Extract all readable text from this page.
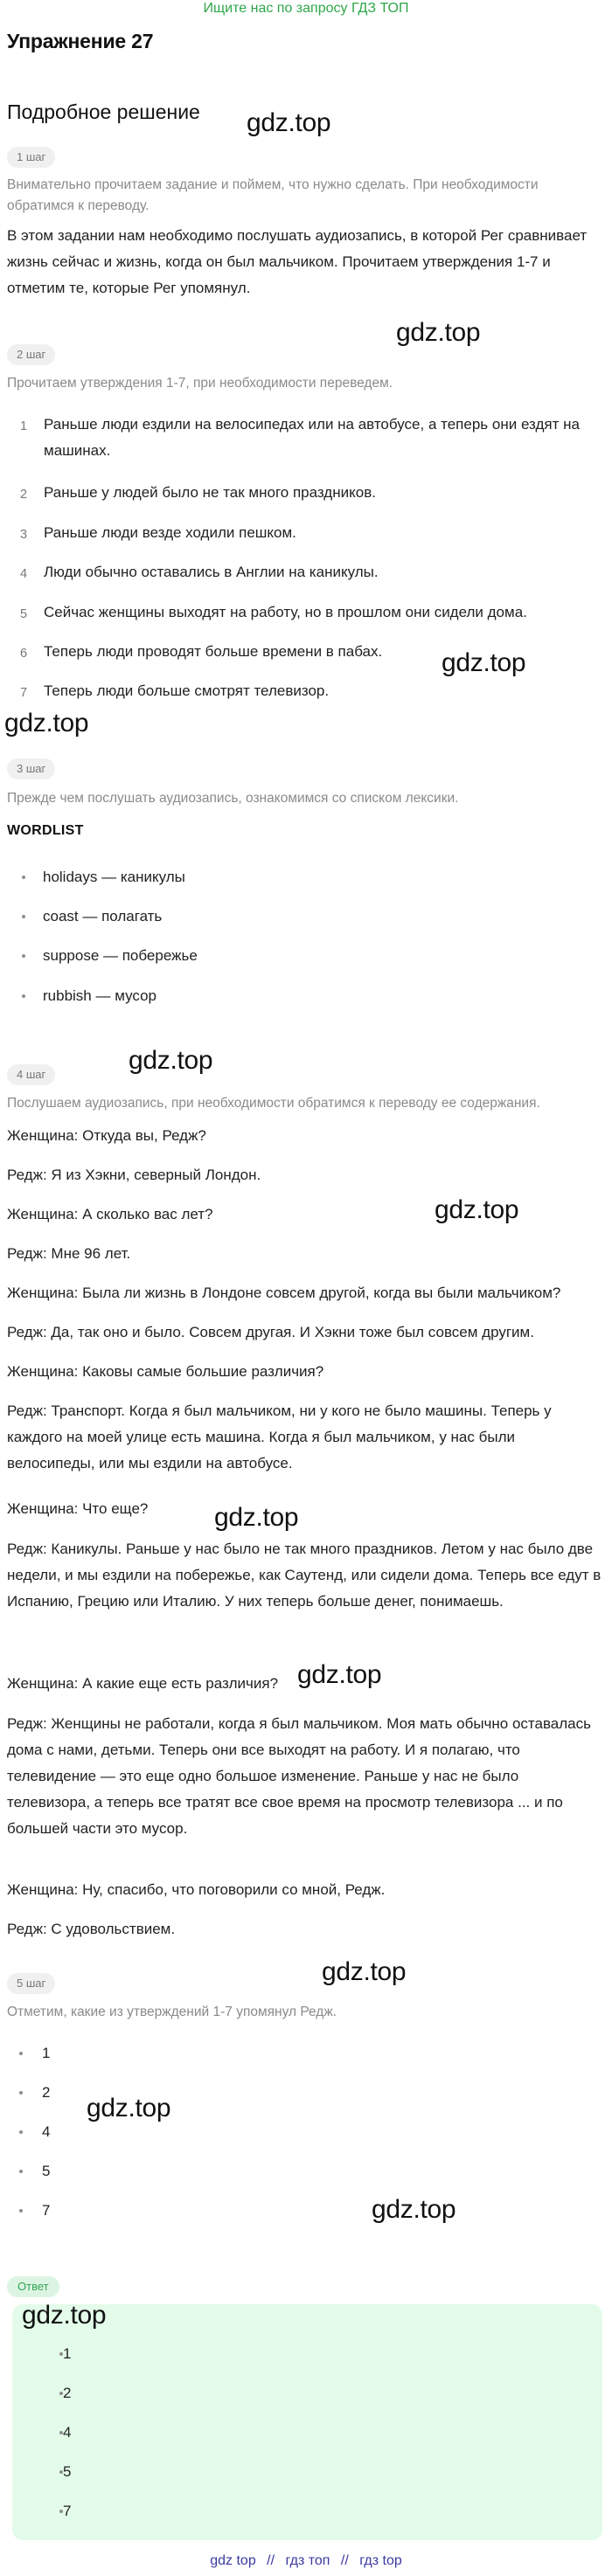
Ищите нас по запросу ГДЗ ТОП
Упражнение 27
Подробное решение
1 шаг
Внимательно прочитаем задание и поймем, что нужно сделать. При необходимости обратимся к переводу.
В этом задании нам необходимо послушать аудиозапись, в которой Рег сравнивает жизнь сейчас и жизнь, когда он был мальчиком. Прочитаем утверждения 1-7 и отметим те, которые Рег упомянул.
2 шаг
Прочитаем утверждения 1-7, при необходимости переведем.
1	Раньше люди ездили на велосипедах или на автобусе, а теперь они ездят на машинах.
2	Раньше у людей было не так много праздников.
3	Раньше люди везде ходили пешком.
4	Люди обычно оставались в Англии на каникулы.
5	Сейчас женщины выходят на работу, но в прошлом они сидели дома.
6	Теперь люди проводят больше времени в пабах.
7	Теперь люди больше смотрят телевизор.
3 шаг
Прежде чем послушать аудиозапись, ознакомимся со списком лексики.
WORDLIST
holidays — каникулы
coast — полагать
suppose — побережье
rubbish — мусор
4 шаг
Послушаем аудиозапись, при необходимости обратимся к переводу ее содержания.
Женщина: Откуда вы, Редж?
Редж: Я из Хэкни, северный Лондон.
Женщина: А сколько вас лет?
Редж: Мне 96 лет.
Женщина: Была ли жизнь в Лондоне совсем другой, когда вы были мальчиком?
Редж: Да, так оно и было. Совсем другая. И Хэкни тоже был совсем другим.
Женщина: Каковы самые большие различия?
Редж: Транспорт. Когда я был мальчиком, ни у кого не было машины. Теперь у каждого на моей улице есть машина. Когда я был мальчиком, у нас были велосипеды, или мы ездили на автобусе.
Женщина: Что еще?
Редж: Каникулы. Раньше у нас было не так много праздников. Летом у нас было две недели, и мы ездили на побережье, как Саутенд, или сидели дома. Теперь все едут в Испанию, Грецию или Италию. У них теперь больше денег, понимаешь.
Женщина: А какие еще есть различия?
Редж: Женщины не работали, когда я был мальчиком. Моя мать обычно оставалась дома с нами, детьми. Теперь они все выходят на работу. И я полагаю, что телевидение — это еще одно большое изменение. Раньше у нас не было телевизора, а теперь все тратят все свое время на просмотр телевизора ... и по большей части это мусор.
Женщина: Ну, спасибо, что поговорили со мной, Редж.
Редж: С удовольствием.
5 шаг
Отметим, какие из утверждений 1-7 упомянул Редж.
1
2
4
5
7
Ответ
1
2
4
5
7
gdz.top
gdz.top
gdz.top
gdz.top
gdz.top
gdz.top
gdz.top
gdz.top
gdz.top
gdz.top
gdz.top
gdz.top
gdz top // гдз топ // гдз top
